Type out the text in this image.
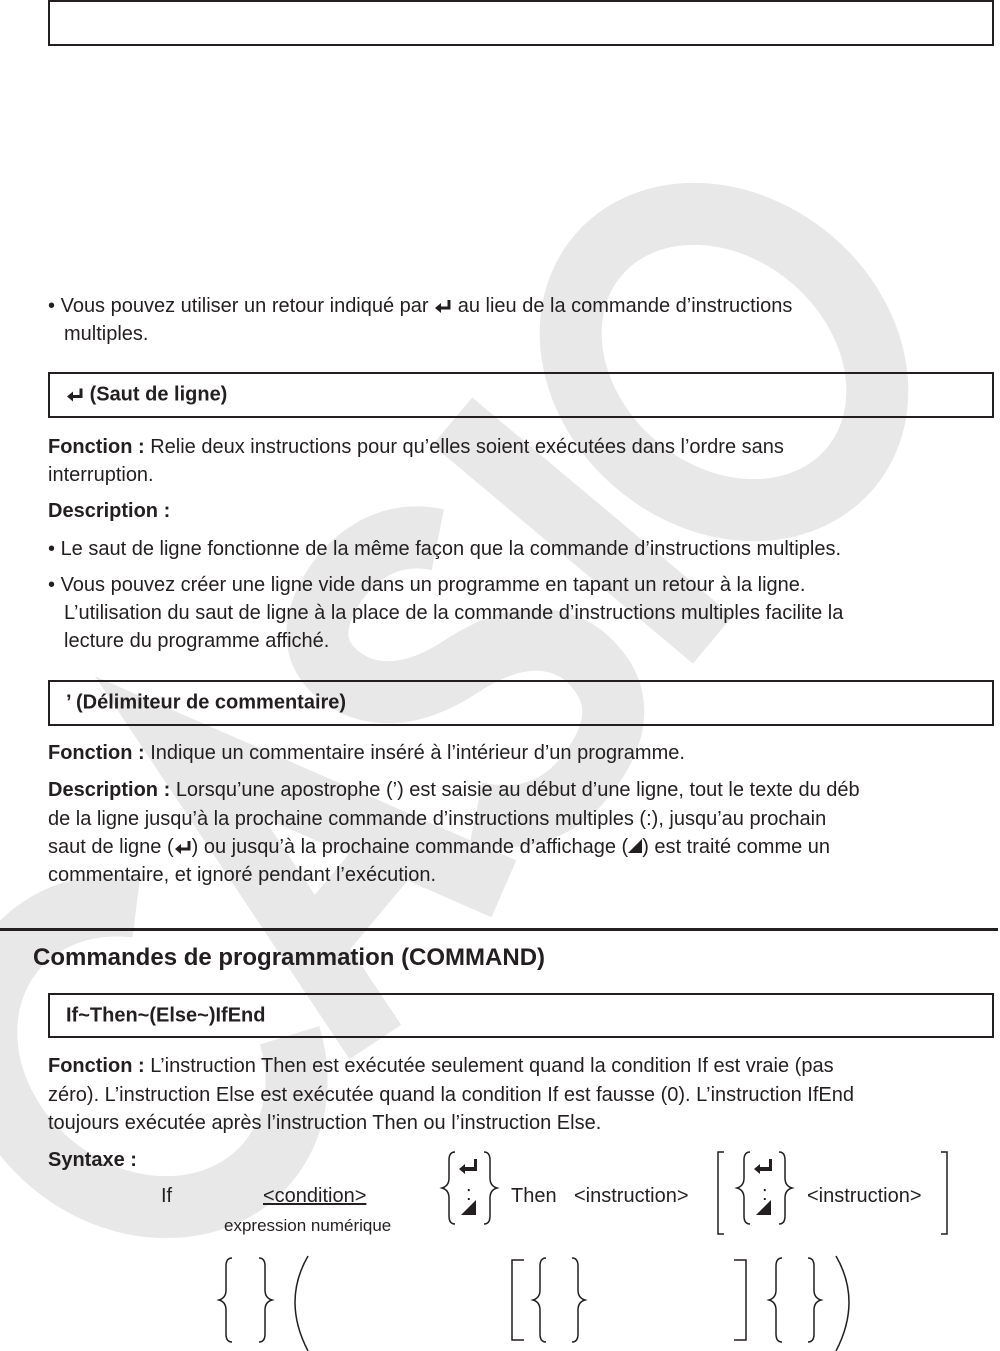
• Vous pouvez utiliser un retour indiqué par au lieu de la commande d’instructions
multiples.
(Saut de ligne)
Fonction : Relie deux instructions pour qu’elles soient exécutées dans l’ordre sans
interruption.
Description :
• Le saut de ligne fonctionne de la même façon que la commande d’instructions multiples.
• Vous pouvez créer une ligne vide dans un programme en tapant un retour à la ligne.
L’utilisation du saut de ligne à la place de la commande d’instructions multiples facilite la
lecture du programme affiché.
’ (Délimiteur de commentaire)
Fonction : Indique un commentaire inséré à l’intérieur d’un programme.
Description : Lorsqu’une apostrophe (’) est saisie au début d’une ligne, tout le texte du déb
de la ligne jusqu’à la prochaine commande d’instructions multiples (:), jusqu’au prochain
saut de ligne ( ) ou jusqu’à la prochaine commande d’affichage ( ) est traité comme un
commentaire, et ignoré pendant l’exécution.
Commandes de programmation (COMMAND)
If~Then~(Else~)IfEnd
Fonction : L’instruction Then est exécutée seulement quand la condition If est vraie (pas
zéro). L’instruction Else est exécutée quand la condition If est fausse (0). L’instruction IfEnd
toujours exécutée après l’instruction Then ou l’instruction Else.
Syntaxe :
If	<condition>
expression numérique
Then <instruction>	<instruction>
:	:
